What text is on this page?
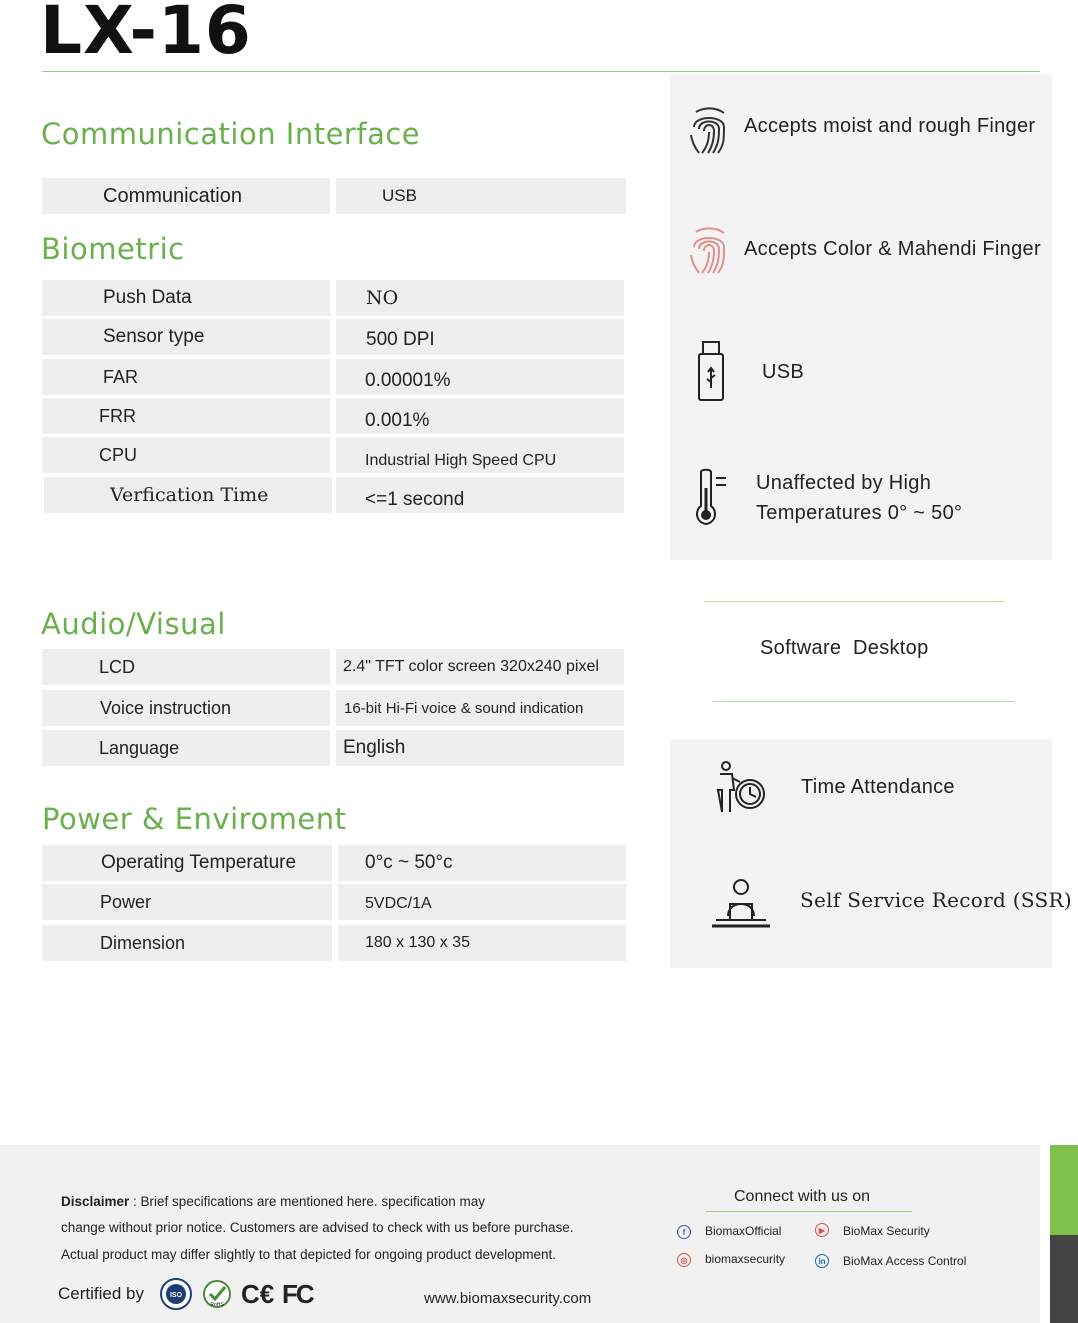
LX-16
Communication Interface
Communication	USB
Biometric
Push Data	NO
Sensor type	500 DPI
FAR	0.00001%
FRR	0.001%
CPU	Industrial High Speed CPU
Verfication Time	<=1 second
Audio/Visual
LCD	2.4" TFT color screen 320x240 pixel
Voice instruction	16-bit Hi-Fi voice & sound indication
Language	English
Power & Enviroment
Operating Temperature	0°c ~ 50°c
Power	5VDC/1A
Dimension	180 x 130 x 35
Accepts moist and rough Finger
Accepts Color & Mahendi Finger
USB
Unaffected by High
Temperatures 0° ~ 50°
Software  Desktop
Time Attendance
Self Service Record (SSR)
Disclaimer : Brief specifications are mentioned here. specification may
change without prior notice. Customers are advised to check with us before purchase.
Actual product may differ slightly to that depicted for ongoing product development.
Certified by	ISO
RoHS C€ FC	www.biomaxsecurity.com
Connect with us on
f	BiomaxOfficial	▶	BioMax Security
◎ biomaxsecurity	in BioMax Access Control
